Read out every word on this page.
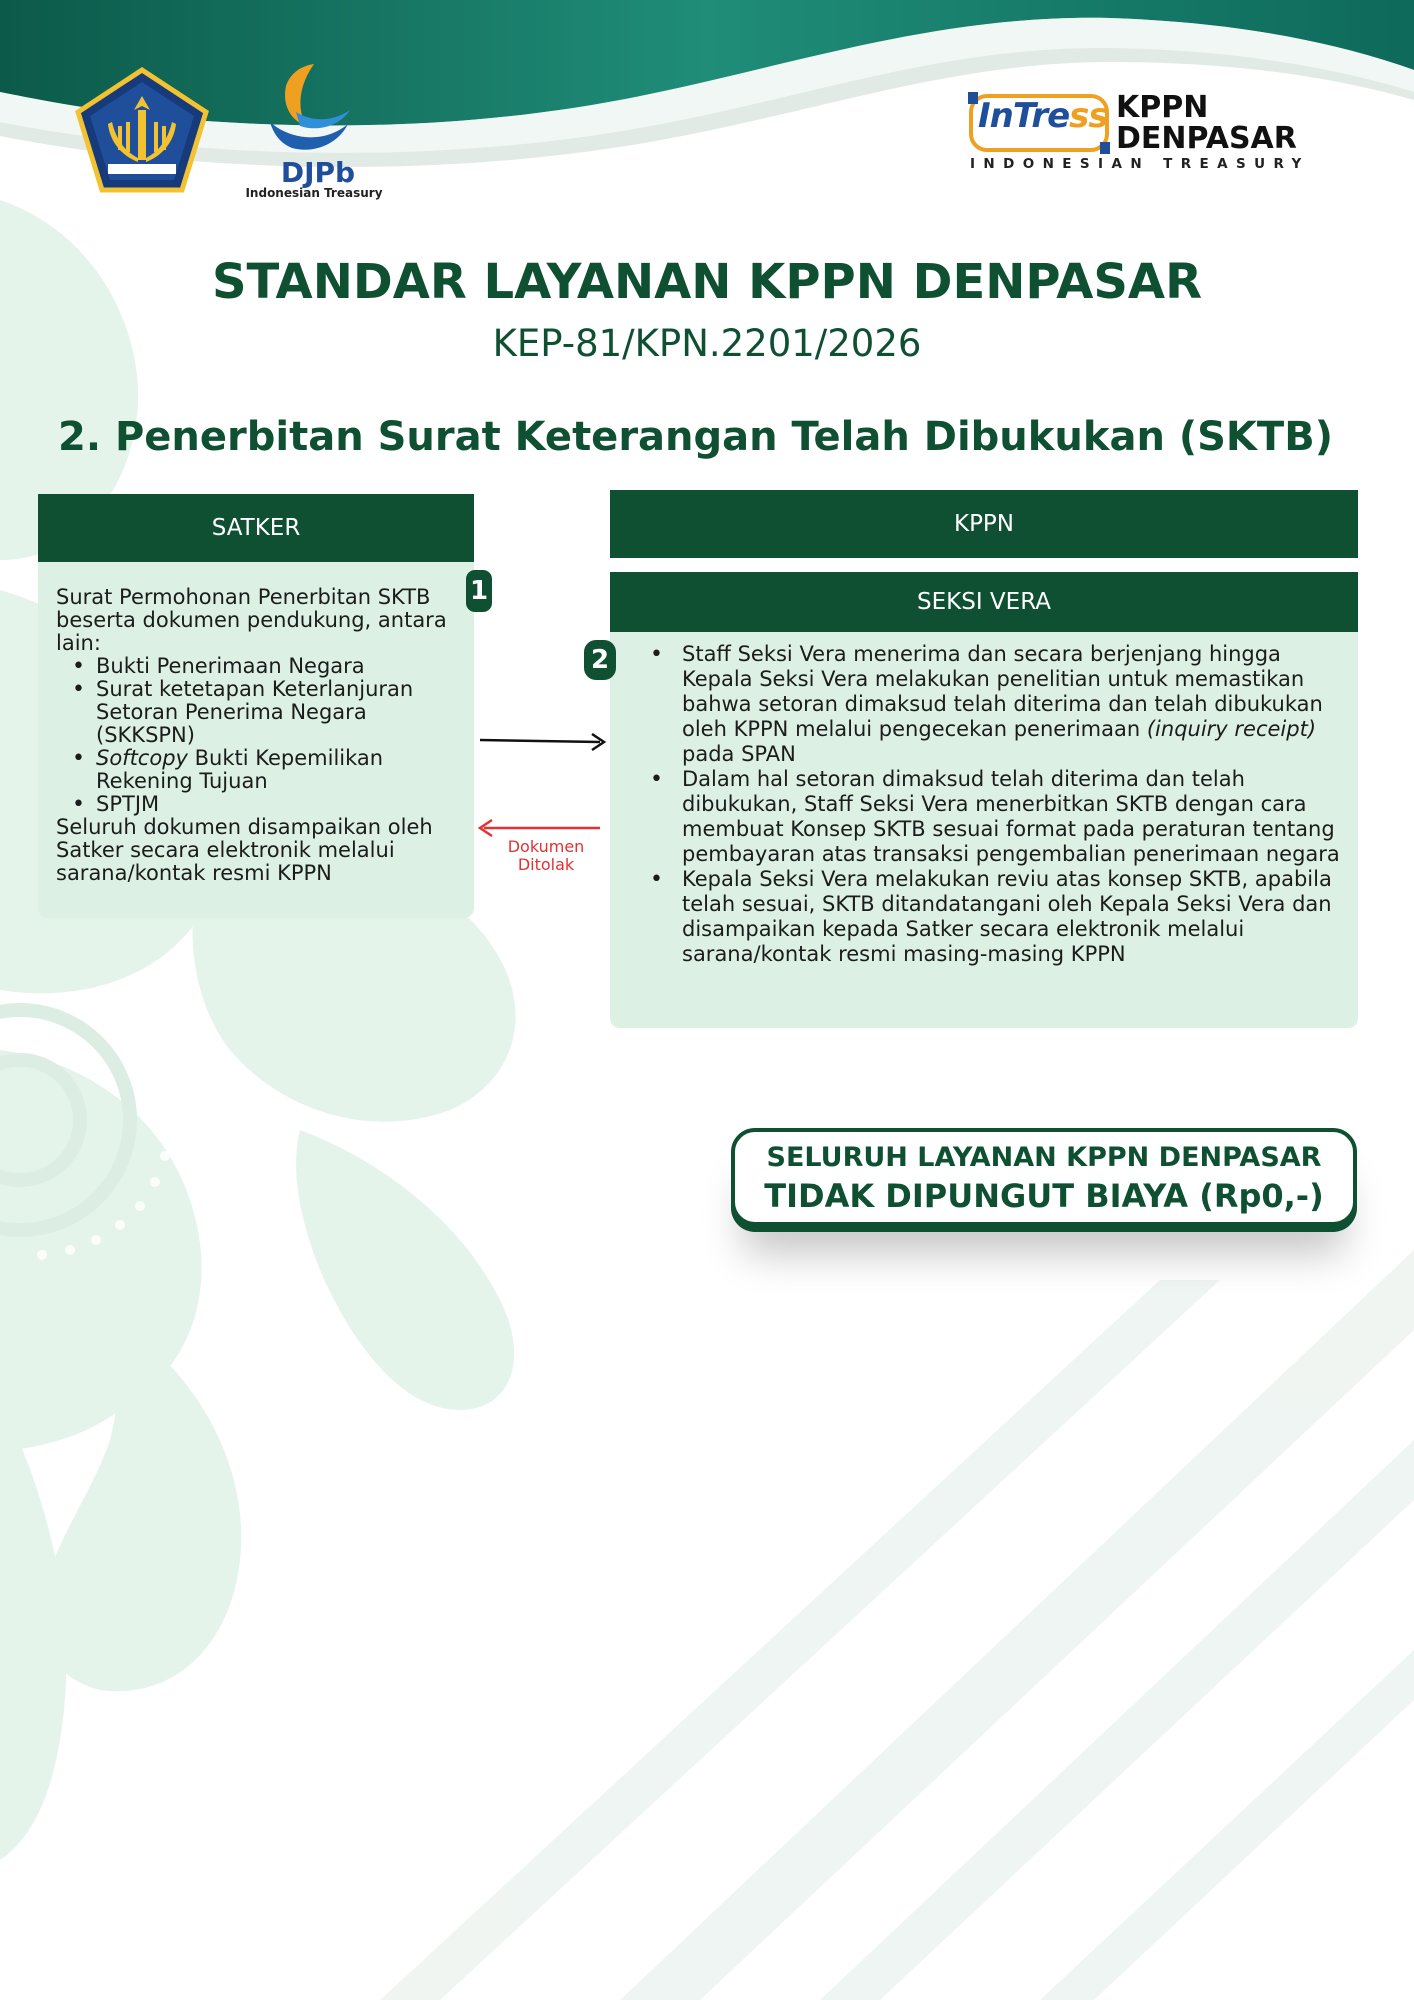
DJPb
Indonesian Treasury
InTress KPPN
DENPASAR
INDONESIAN TREASURY
STANDAR LAYANAN KPPN DENPASAR
KEP-81/KPN.2201/2026
2. Penerbitan Surat Keterangan Telah Dibukukan (SKTB)
SATKER
Surat Permohonan Penerbitan SKTB beserta dokumen pendukung, antara lain:
• Bukti Penerimaan Negara
• Surat ketetapan Keterlanjuran Setoran Penerima Negara (SKKSPN)
• Softcopy Bukti Kepemilikan Rekening Tujuan
• SPTJM
Seluruh dokumen disampaikan oleh Satker secara elektronik melalui sarana/kontak resmi KPPN
1
KPPN
SEKSI VERA
• Staff Seksi Vera menerima dan secara berjenjang hingga Kepala Seksi Vera melakukan penelitian untuk memastikan bahwa setoran dimaksud telah diterima dan telah dibukukan oleh KPPN melalui pengecekan penerimaan (inquiry receipt) pada SPAN
• Dalam hal setoran dimaksud telah diterima dan telah dibukukan, Staff Seksi Vera menerbitkan SKTB dengan cara membuat Konsep SKTB sesuai format pada peraturan tentang pembayaran atas transaksi pengembalian penerimaan negara
• Kepala Seksi Vera melakukan reviu atas konsep SKTB, apabila telah sesuai, SKTB ditandatangani oleh Kepala Seksi Vera dan disampaikan kepada Satker secara elektronik melalui sarana/kontak resmi masing-masing KPPN
2
Dokumen
Ditolak
SELURUH LAYANAN KPPN DENPASAR
TIDAK DIPUNGUT BIAYA (Rp0,-)
